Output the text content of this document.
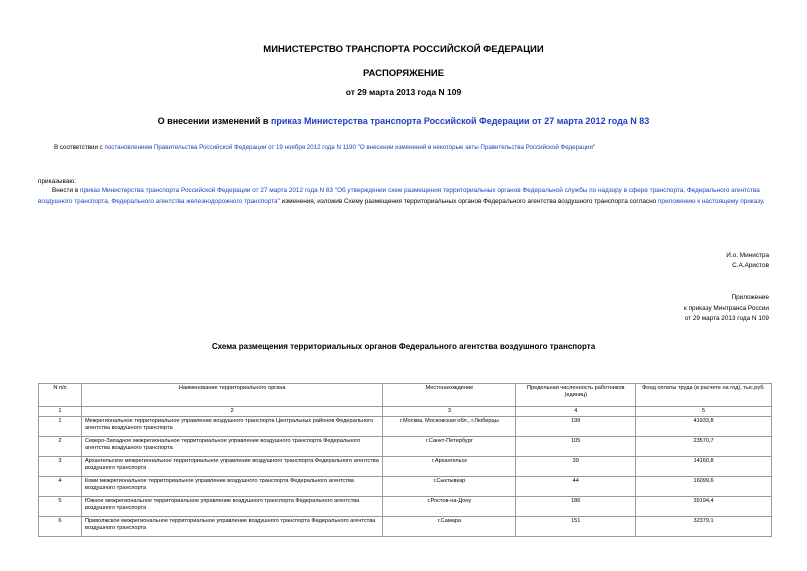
МИНИСТЕРСТВО ТРАНСПОРТА РОССИЙСКОЙ ФЕДЕРАЦИИ
РАСПОРЯЖЕНИЕ
от 29 марта 2013 года N 109
О внесении изменений в приказ Министерства транспорта Российской Федерации от 27 марта 2012 года N 83
В соответствии с постановлением Правительства Российской Федерации от 19 ноября 2012 года N 1190 "О внесении изменений в некоторые акты Правительства Российской Федерации"
приказываю:
Внести в приказ Министерства транспорта Российской Федерации от 27 марта 2012 года N 83 "Об утверждении схем размещения территориальных органов Федеральной службы по надзору в сфере транспорта, Федерального агентства воздушного транспорта, Федерального агентства железнодорожного транспорта" изменения, изложив Схему размещения территориальных органов Федерального агентства воздушного транспорта согласно приложению к настоящему приказу.
И.о. Министра
С.А.Аристов
Приложение
к приказу Минтранса России
от 29 марта 2013 года N 109
Схема размещения территориальных органов Федерального агентства воздушного транспорта
N п/п	Наименование территориального органа	Местонахождение	Предельная численность работников (единиц)	Фонд оплаты труда (в расчете на год), тыс.руб.
1	2	3	4	5
1	Межрегиональное территориальное управление воздушного транспорта Центральных районов Федерального агентства воздушного транспорта	г.Москва, Московская обл., г.Люберцы	199	41933,8
2	Северо-Западное межрегиональное территориальное управление воздушного транспорта Федерального агентства воздушного транспорта	г.Санкт-Петербург	105	23570,7
3	Архангельское межрегиональное территориальное управление воздушного транспорта Федерального агентства воздушного транспорта	г.Архангельск	39	14160,8
4	Коми межрегиональное территориальное управление воздушного транспорта Федерального агентства воздушного транспорта	г.Сыктывкар	44	16099,6
5	Южное межрегиональное территориальное управление воздушного транспорта Федерального агентства воздушного транспорта	г.Ростов-на-Дону	186	39194,4
6	Приволжское межрегиональное территориальное управление воздушного транспорта Федерального агентства воздушного транспорта	г.Самара	151	32379,1
